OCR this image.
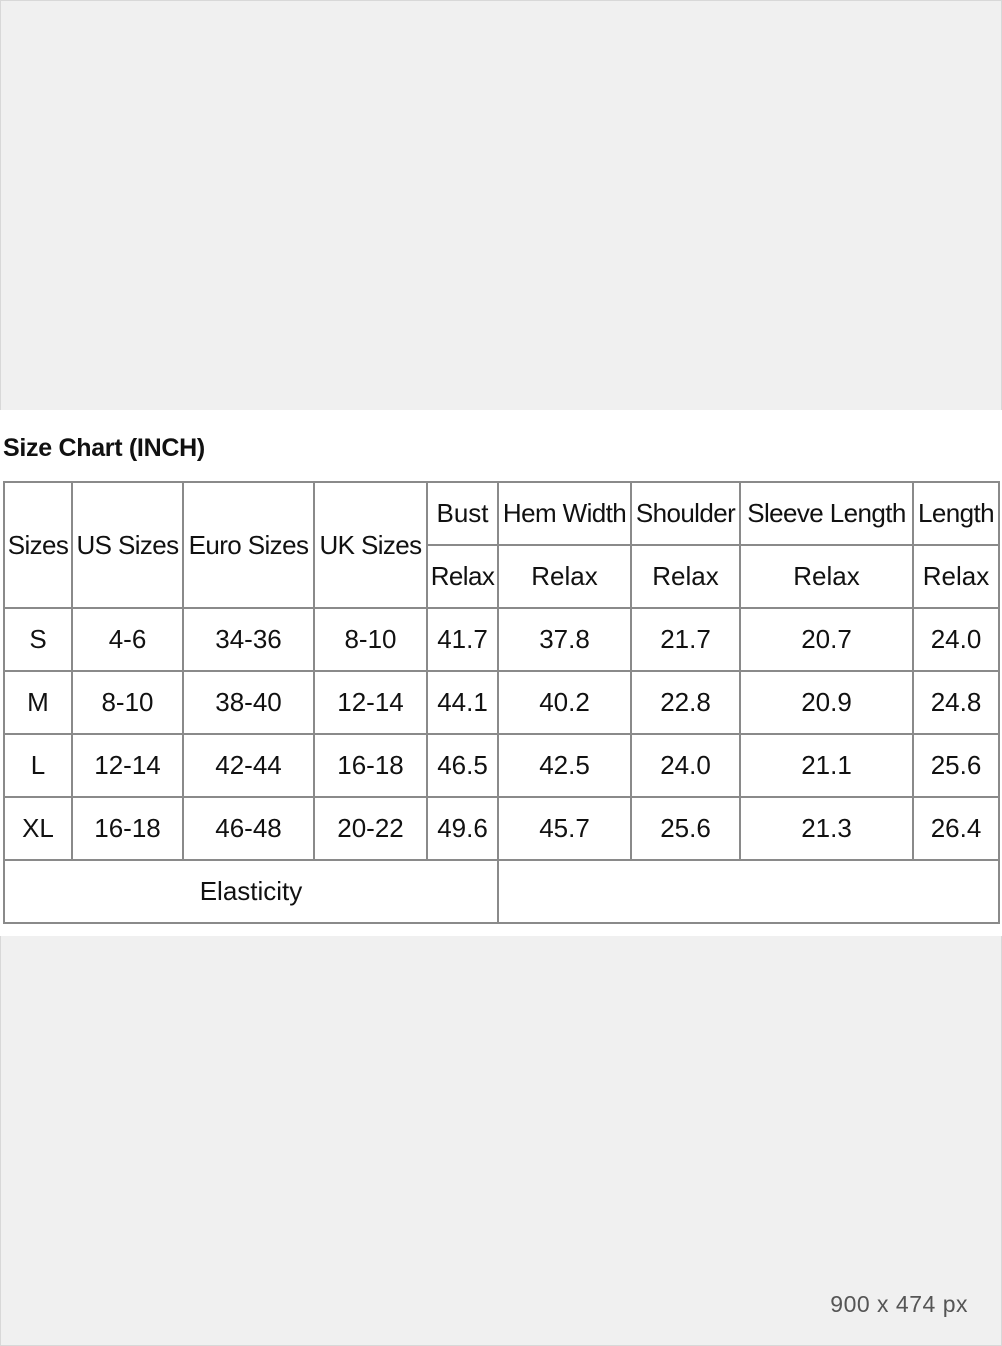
Size Chart (INCH)
Sizes	US Sizes	Euro Sizes	UK Sizes	Bust	Hem Width	Shoulder	Sleeve Length	Length
				Relax	Relax	Relax	Relax	Relax
S	4-6	34-36	8-10	41.7	37.8	21.7	20.7	24.0
M	8-10	38-40	12-14	44.1	40.2	22.8	20.9	24.8
L	12-14	42-44	16-18	46.5	42.5	24.0	21.1	25.6
XL	16-18	46-48	20-22	49.6	45.7	25.6	21.3	26.4
Elasticity								
900 x 474 px
